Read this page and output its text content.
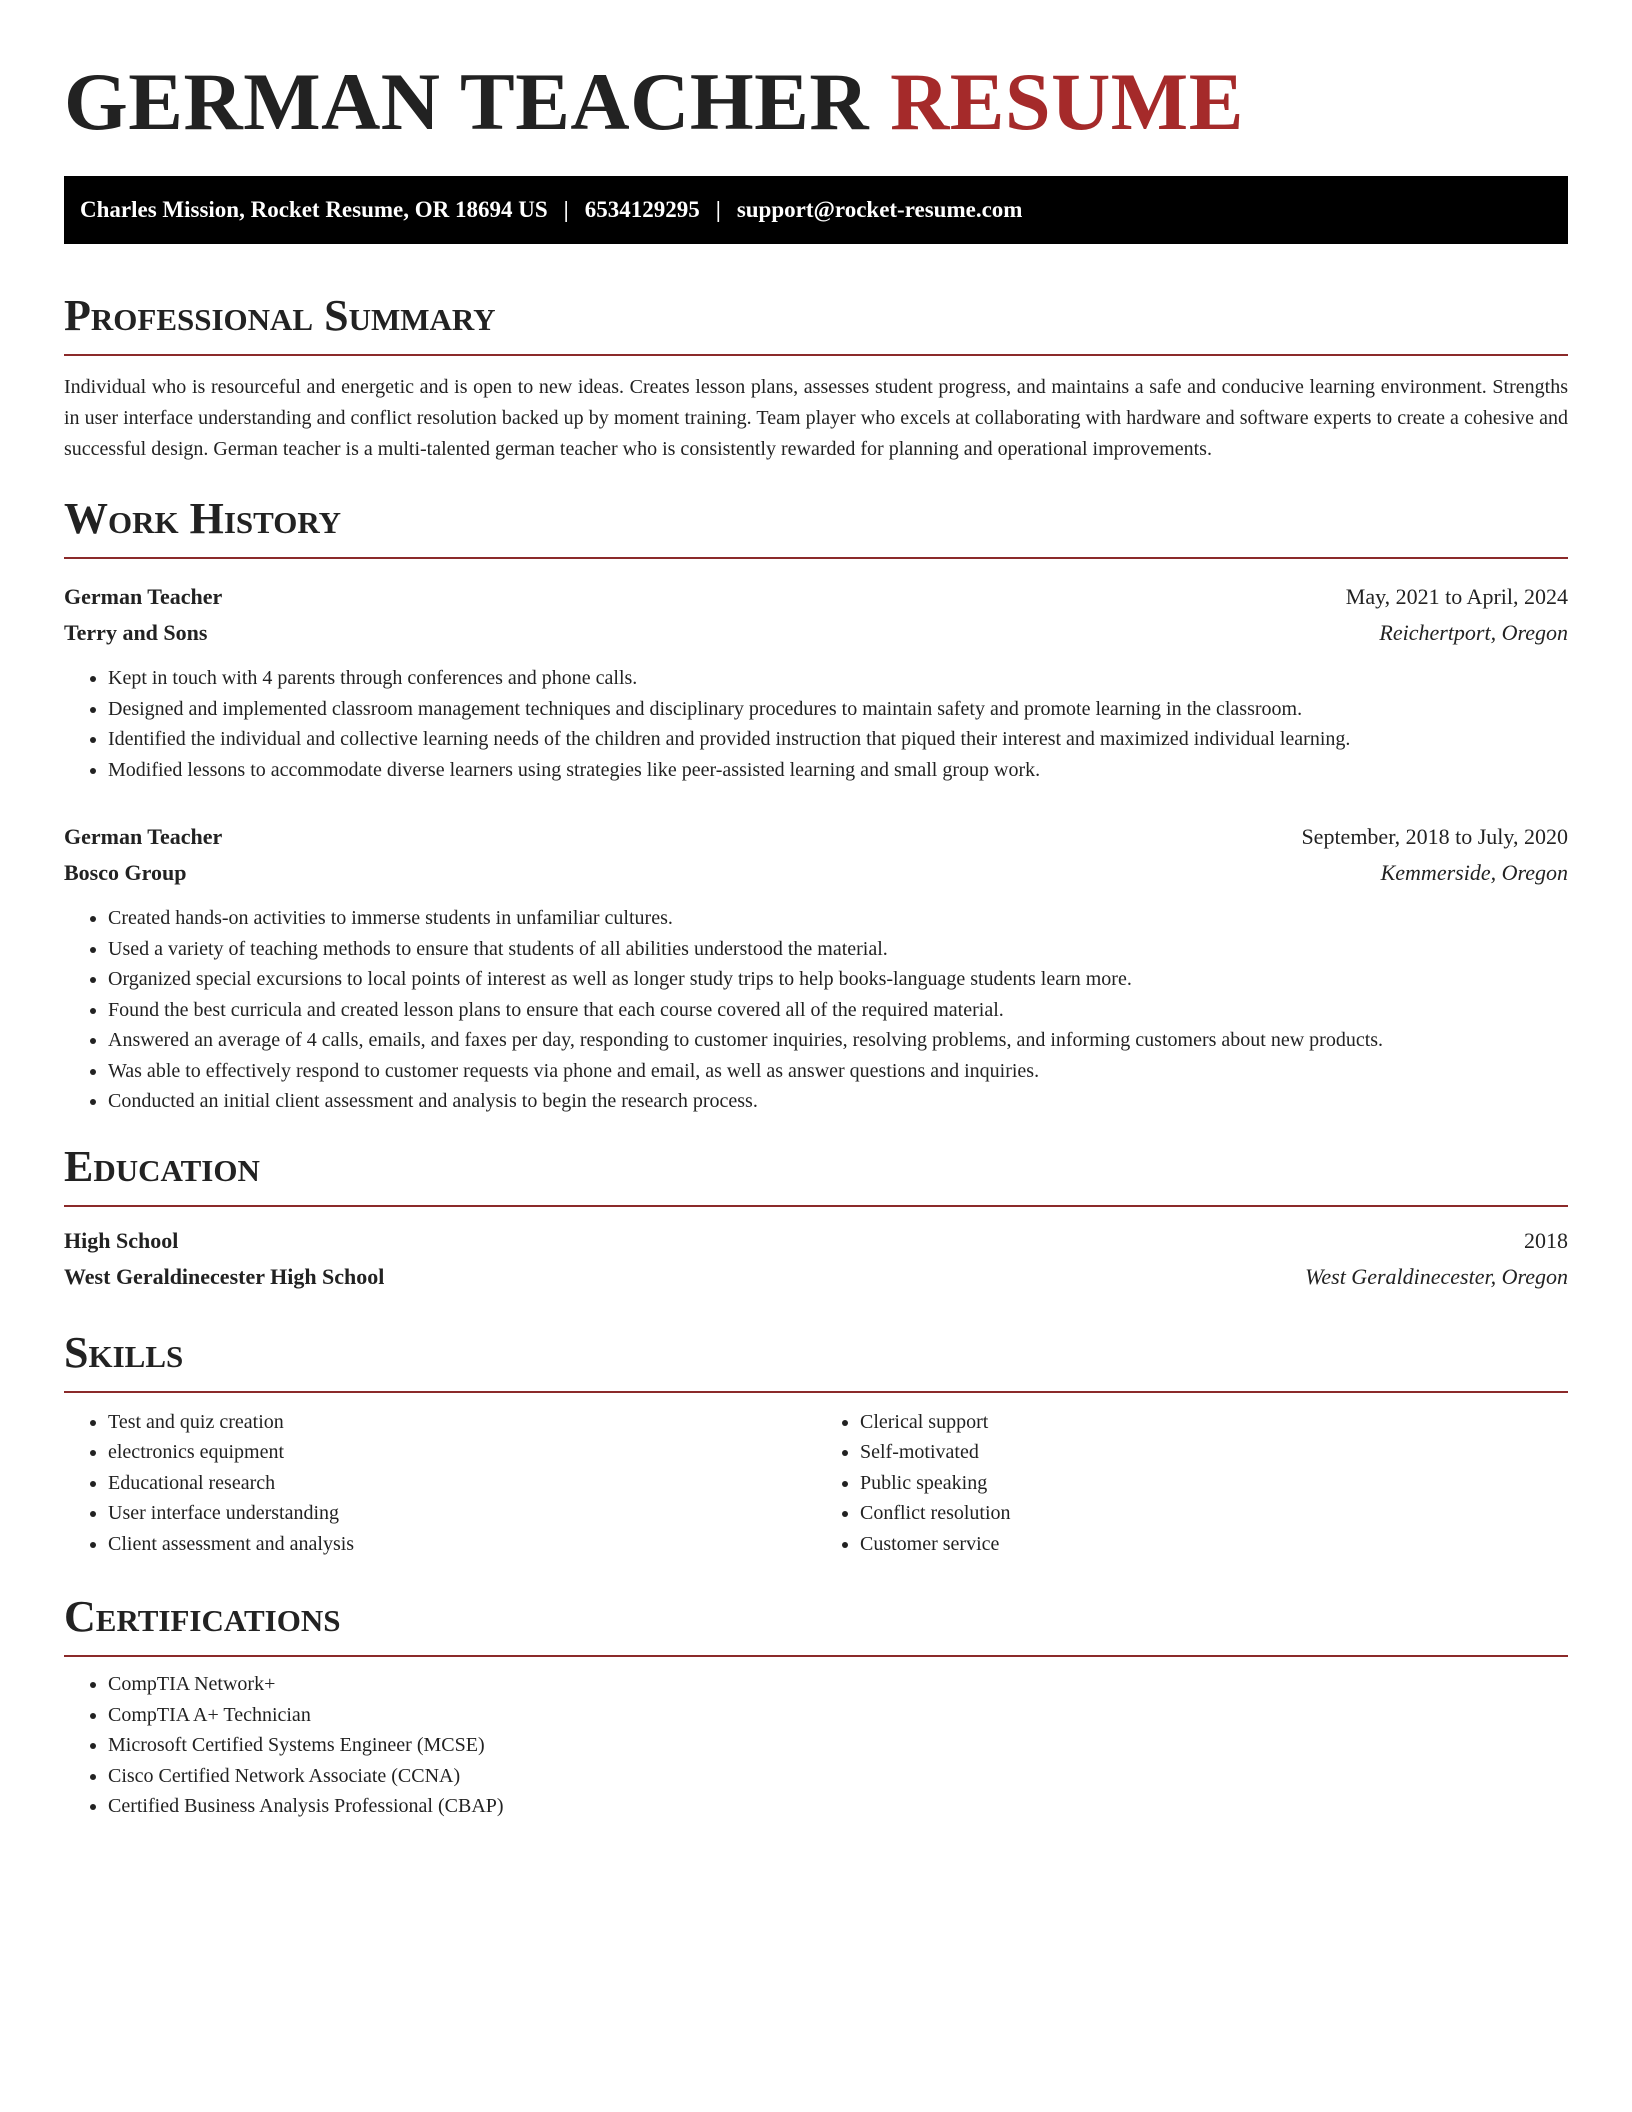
GERMAN TEACHER RESUME
Charles Mission, Rocket Resume, OR 18694 US | 6534129295 | support@rocket-resume.com
Professional Summary

Individual who is resourceful and energetic and is open to new ideas. Creates lesson plans, assesses student progress, and maintains a safe and conducive learning environment. Strengths in user interface understanding and conflict resolution backed up by moment training. Team player who excels at collaborating with hardware and software experts to create a cohesive and successful design. German teacher is a multi-talented german teacher who is consistently rewarded for planning and operational improvements.

Work History
German Teacher	May, 2021 to April, 2024
Terry and Sons	Reichertport, Oregon
• Kept in touch with 4 parents through conferences and phone calls.
• Designed and implemented classroom management techniques and disciplinary procedures to maintain safety and promote learning in the classroom.
• Identified the individual and collective learning needs of the children and provided instruction that piqued their interest and maximized individual learning.
• Modified lessons to accommodate diverse learners using strategies like peer-assisted learning and small group work.
German Teacher	September, 2018 to July, 2020
Bosco Group	Kemmerside, Oregon
• Created hands-on activities to immerse students in unfamiliar cultures.
• Used a variety of teaching methods to ensure that students of all abilities understood the material.
• Organized special excursions to local points of interest as well as longer study trips to help books-language students learn more.
• Found the best curricula and created lesson plans to ensure that each course covered all of the required material.
• Answered an average of 4 calls, emails, and faxes per day, responding to customer inquiries, resolving problems, and informing customers about new products.
• Was able to effectively respond to customer requests via phone and email, as well as answer questions and inquiries.
• Conducted an initial client assessment and analysis to begin the research process.
Education
High School	2018
West Geraldinecester High School	West Geraldinecester, Oregon
Skills
• Test and quiz creation
• electronics equipment
• Educational research
• User interface understanding
• Client assessment and analysis
• Clerical support
• Self-motivated
• Public speaking
• Conflict resolution
• Customer service
Certifications
• CompTIA Network+
• CompTIA A+ Technician
• Microsoft Certified Systems Engineer (MCSE)
• Cisco Certified Network Associate (CCNA)
• Certified Business Analysis Professional (CBAP)
